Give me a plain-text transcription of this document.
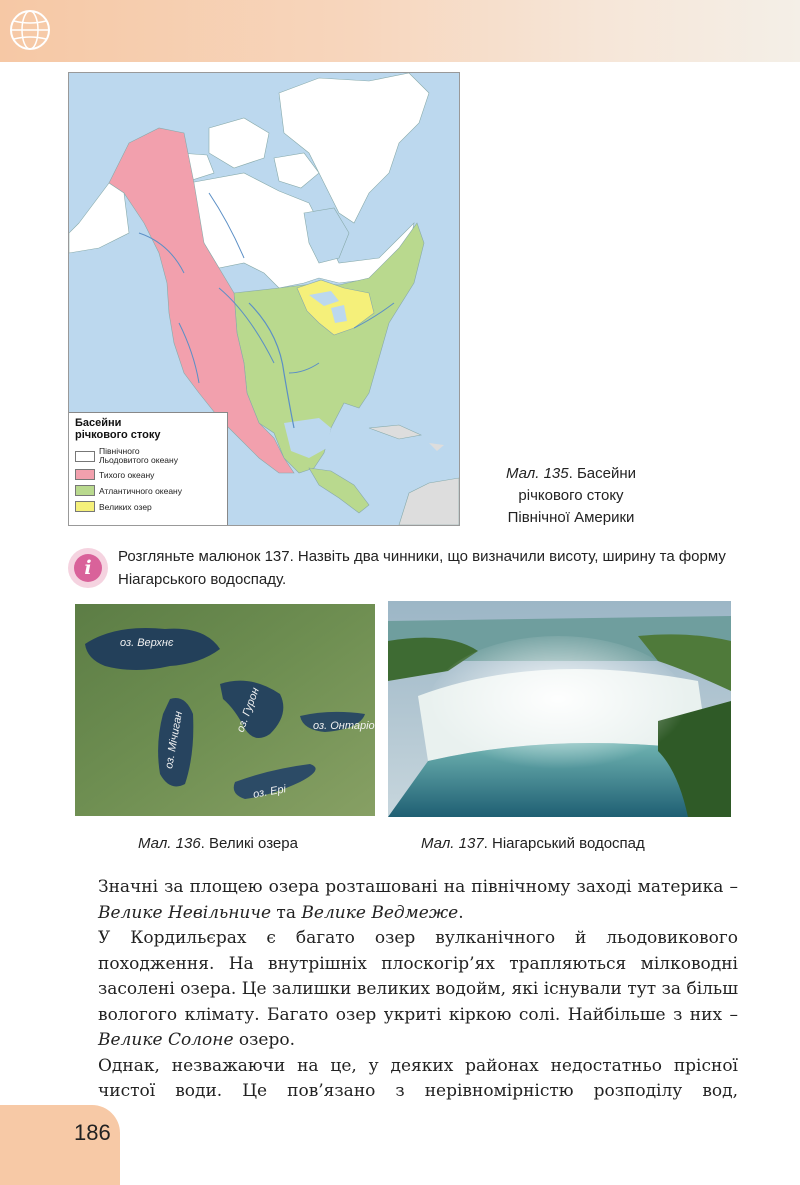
Басейни
річкового стоку
Північного
Льодовитого океану
Тихого океану
Атлантичного океану
Великих озер
Мал. 135. Басейни
річкового стоку
Північної Америки
i
Розгляньте малюнок 137. Назвіть два чинники, що визначили висоту, ширину та форму Ніагарського водоспаду.
оз. Верхнє
оз. Мічиган
оз. Гурон	оз. Онтаріо
оз. Ері
Мал. 136. Великі озера	Мал. 137. Ніагарський водоспад

Значні за площею озера розташовані на північному заході материка – Велике Невільниче та Велике Ведмеже.

У Кордильєрах є багато озер вулканічного й льодовикового походження. На внутрішніх плоскогір’ях трапляються мілководні засолені озера. Це залишки великих водойм, які існували тут за більш вологого клімату. Багато озер укриті кіркою солі. Найбільше з них – Велике Солоне озеро.

Однак, незважаючи на це, у деяких районах недостатньо прісної чистої води. Це пов’язано з нерівномірністю розподілу вод,

186
